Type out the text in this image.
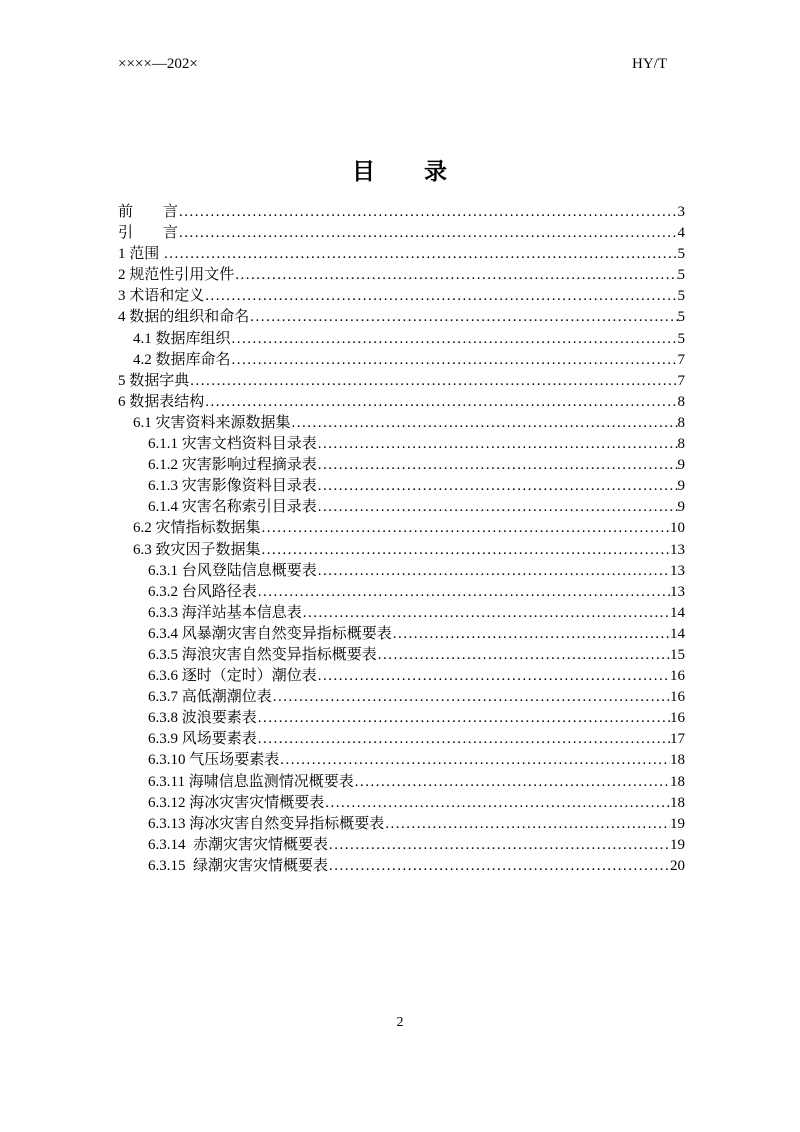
××××—202×	HY/T
目　　录
前　　言 .....	3
引　　言 .....	4
1 范围 .....	5
2 规范性引用文件 .....	5
3 术语和定义 .....	5
4 数据的组织和命名 .....	5
4.1 数据库组织 .....	5
4.2 数据库命名 .....	7
5 数据字典 .....	7
6 数据表结构 .....	8
6.1 灾害资料来源数据集 .....	8
6.1.1 灾害文档资料目录表 .....	8
6.1.2 灾害影响过程摘录表 .....	9
6.1.3 灾害影像资料目录表 .....	9
6.1.4 灾害名称索引目录表 .....	9
6.2 灾情指标数据集 .....	10
6.3 致灾因子数据集 .....	13
6.3.1 台风登陆信息概要表 .....	13
6.3.2 台风路径表 .....	13
6.3.3 海洋站基本信息表 .....	14
6.3.4 风暴潮灾害自然变异指标概要表 .....	14
6.3.5 海浪灾害自然变异指标概要表 .....	15
6.3.6 逐时（定时）潮位表 .....	16
6.3.7 高低潮潮位表 .....	16
6.3.8 波浪要素表 .....	16
6.3.9 风场要素表 .....	17
6.3.10 气压场要素表 .....	18
6.3.11 海啸信息监测情况概要表 .....	18
6.3.12 海冰灾害灾情概要表 .....	18
6.3.13 海冰灾害自然变异指标概要表 .....	19
6.3.14  赤潮灾害灾情概要表 .....	19
6.3.15  绿潮灾害灾情概要表 .....	20
2
